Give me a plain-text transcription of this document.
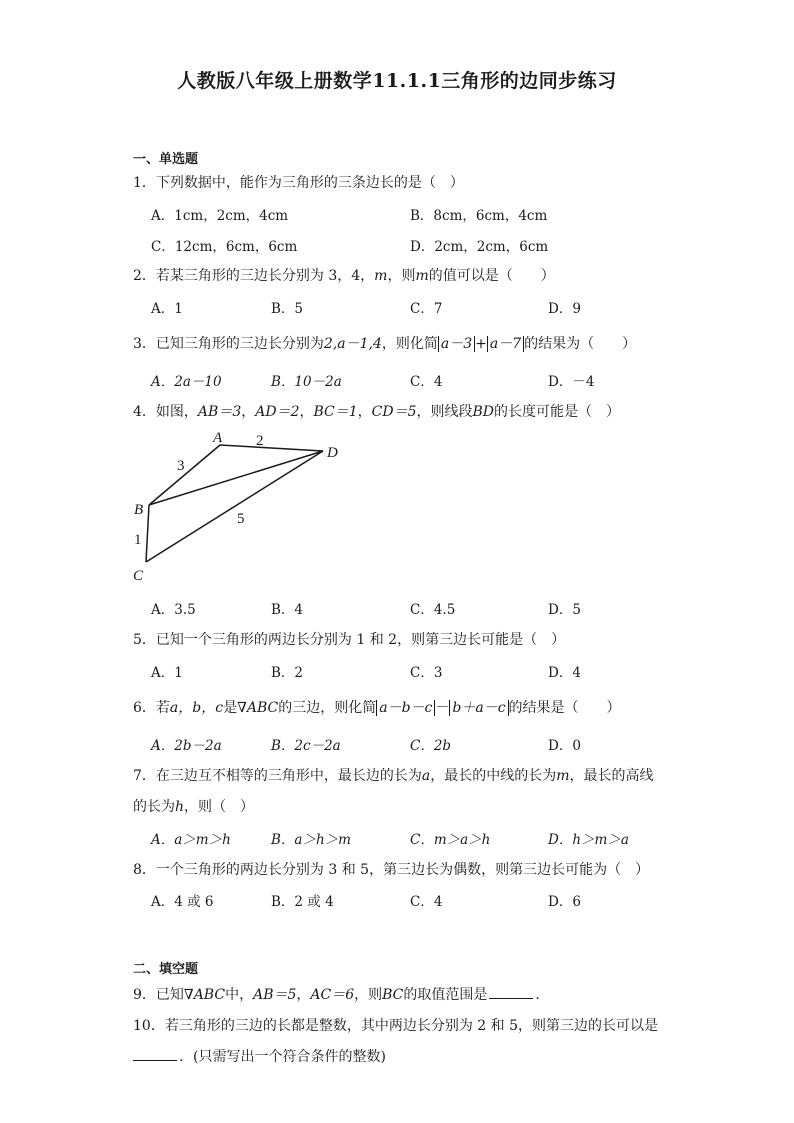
人教版八年级上册数学11.1.1三角形的边同步练习
一、单选题
1．下列数据中，能作为三角形的三条边长的是（　）
A．1cm，2cm，4cm	B．8cm，6cm，4cm
C．12cm，6cm，6cm	D．2cm，2cm，6cm
2．若某三角形的三边长分别为 3，4，m，则m的值可以是（　　）
A．1	B．5	C．7	D．9
3．已知三角形的三边长分别为2,a－1,4，则化简 a－3 + a－7 的结果为（　　）
A．2a－10	B．10－2a	C．4	D．－4
4．如图，AB＝3，AD＝2，BC＝1，CD＝5，则线段BD的长度可能是（　）
A
B
C
D
3
2
1
5
A．3.5	B．4	C．4.5	D．5
5．已知一个三角形的两边长分别为 1 和 2，则第三边长可能是（　）
A．1	B．2	C．3	D．4
6．若a，b，c是∇ABC的三边，则化简 a－b－c － b＋a－c 的结果是（　　）
A．2b－2a	B．2c－2a	C．2b	D．0
7．在三边互不相等的三角形中，最长边的长为a，最长的中线的长为m，最长的高线
的长为h，则（　）
A．a＞m＞h	B．a＞h＞m	C．m＞a＞h	D．h＞m＞a
8．一个三角形的两边长分别为 3 和 5，第三边长为偶数，则第三边长可能为（　）
A．4 或 6	B．2 或 4	C．4	D．6
二、填空题
9．已知∇ABC中，AB＝5，AC＝6，则BC的取值范围是	.
10．若三角形的三边的长都是整数，其中两边长分别为 2 和 5，则第三边的长可以是
．(只需写出一个符合条件的整数)
